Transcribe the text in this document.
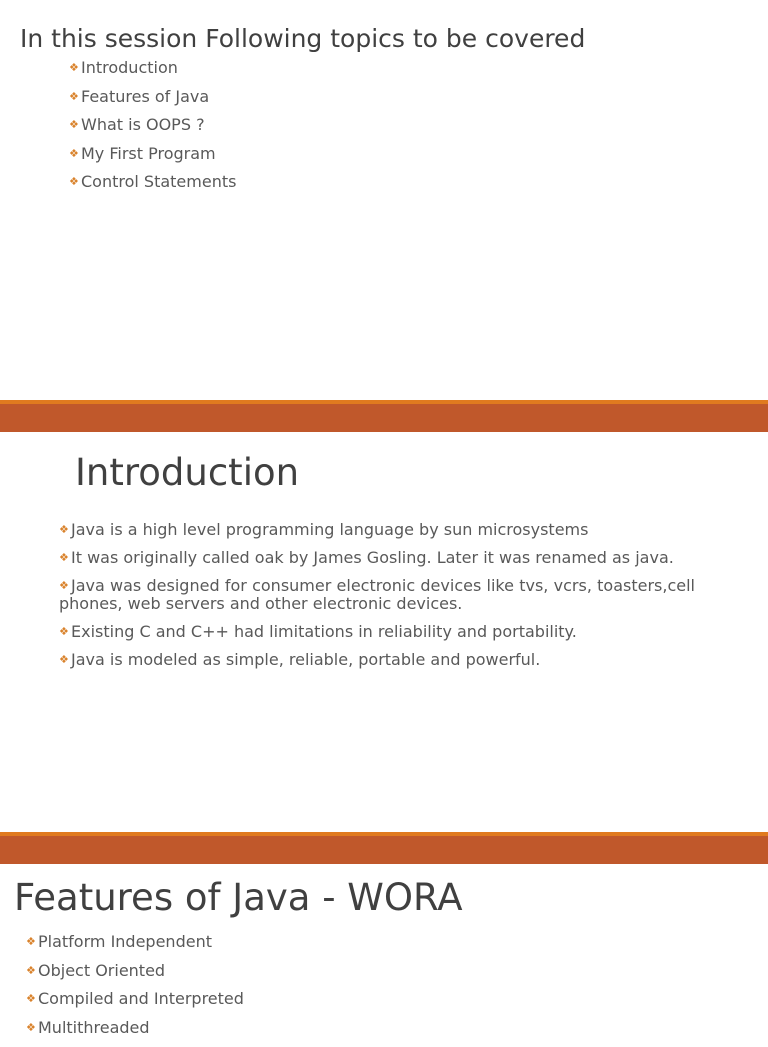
In this session Following topics to be covered
❖ Introduction
❖ Features of Java
❖ What is OOPS ?
❖ My First Program
❖ Control Statements
Introduction
❖ Java is a high level programming language by sun microsystems
❖ It was originally called oak by James Gosling. Later it was renamed as java.
❖ Java was designed for consumer electronic devices like tvs, vcrs, toasters,cell phones, web servers and other electronic devices.
❖ Existing C and C++ had limitations in reliability and portability.
❖ Java is modeled as simple, reliable, portable and powerful.
Features of Java - WORA
❖ Platform Independent
❖ Object Oriented
❖ Compiled and Interpreted
❖ Multithreaded
